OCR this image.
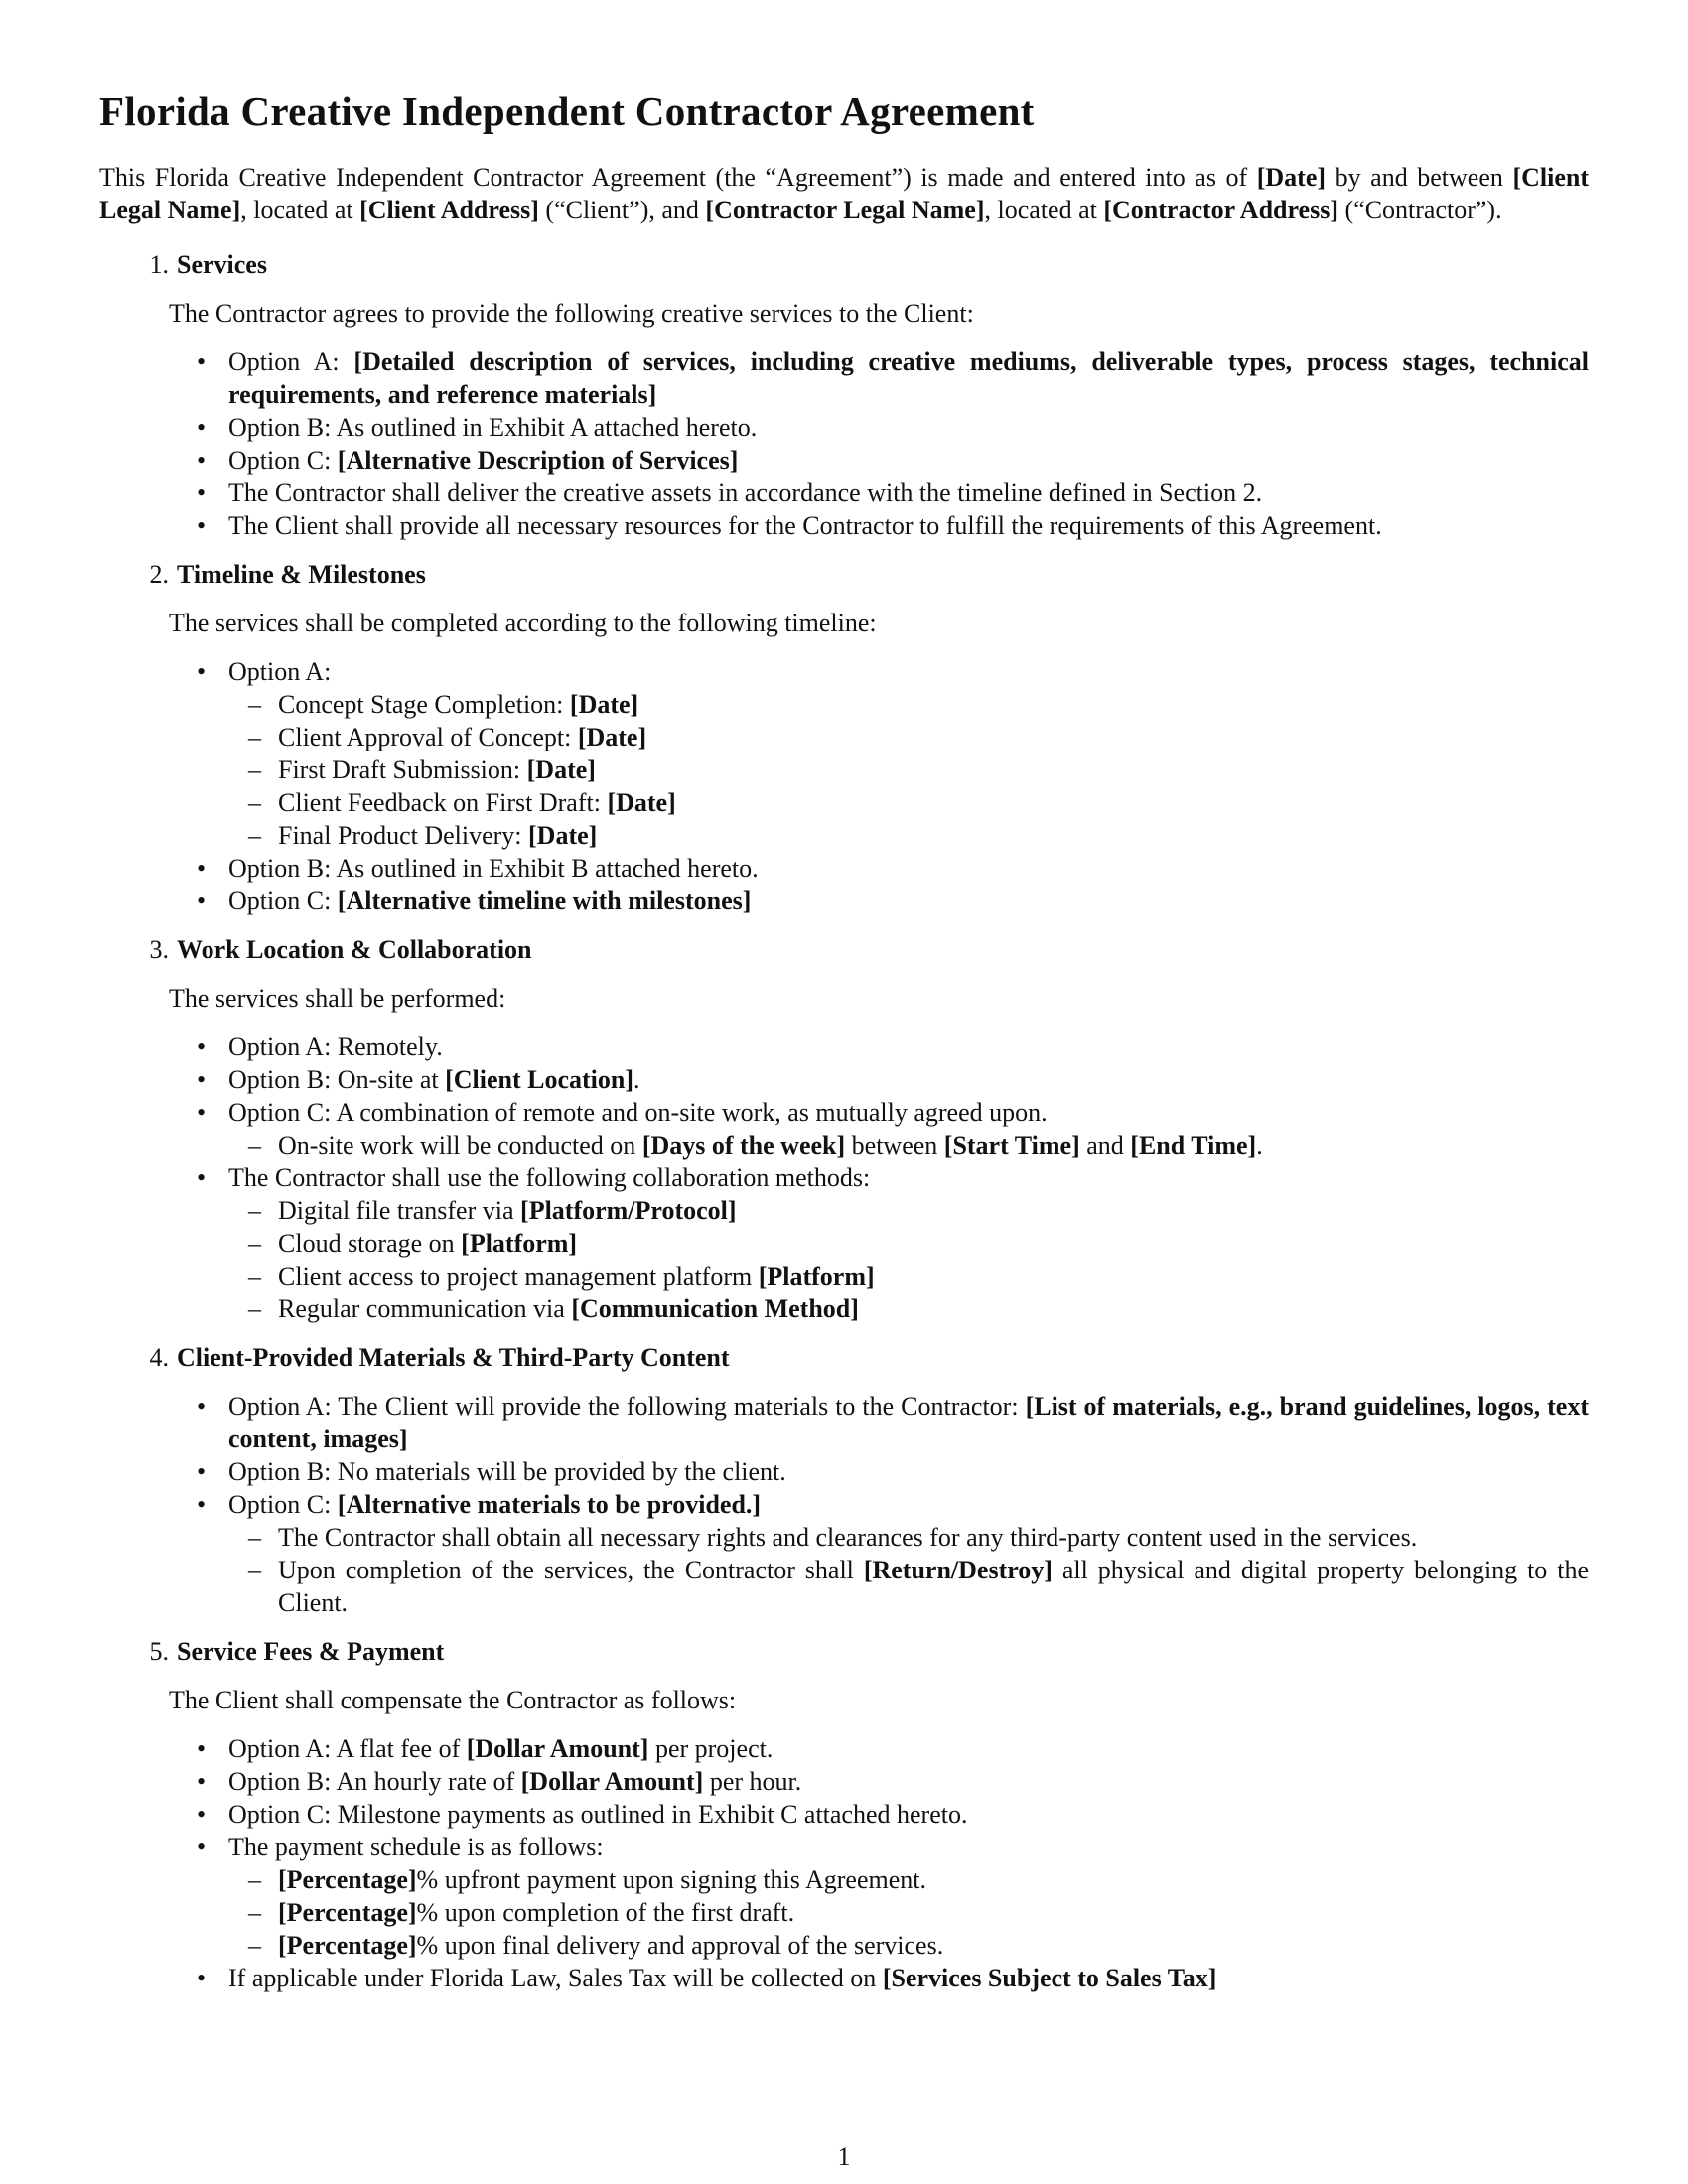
Florida Creative Independent Contractor Agreement

This Florida Creative Independent Contractor Agreement (the “Agreement”) is made and entered into as of [Date] by and between [Client Legal Name], located at [Client Address] (“Client”), and [Contractor Legal Name], located at [Contractor Address] (“Contractor”).

1. Services
The Contractor agrees to provide the following creative services to the Client:
• Option A: [Detailed description of services, including creative mediums, deliverable types, process stages, technical requirements, and reference materials]
• Option B: As outlined in Exhibit A attached hereto.
• Option C: [Alternative Description of Services]
• The Contractor shall deliver the creative assets in accordance with the timeline defined in Section 2.
• The Client shall provide all necessary resources for the Contractor to fulfill the requirements of this Agreement.
2. Timeline & Milestones
The services shall be completed according to the following timeline:
• Option A:
– Concept Stage Completion: [Date]
– Client Approval of Concept: [Date]
– First Draft Submission: [Date]
– Client Feedback on First Draft: [Date]
– Final Product Delivery: [Date]
• Option B: As outlined in Exhibit B attached hereto.
• Option C: [Alternative timeline with milestones]
3. Work Location & Collaboration
The services shall be performed:
• Option A: Remotely.
• Option B: On-site at [Client Location].
• Option C: A combination of remote and on-site work, as mutually agreed upon.
– On-site work will be conducted on [Days of the week] between [Start Time] and [End Time].
• The Contractor shall use the following collaboration methods:
– Digital file transfer via [Platform/Protocol]
– Cloud storage on [Platform]
– Client access to project management platform [Platform]
– Regular communication via [Communication Method]
4. Client-Provided Materials & Third-Party Content
• Option A: The Client will provide the following materials to the Contractor: [List of materials, e.g., brand guidelines, logos, text content, images]
• Option B: No materials will be provided by the client.
• Option C: [Alternative materials to be provided.]
– The Contractor shall obtain all necessary rights and clearances for any third-party content used in the services.
– Upon completion of the services, the Contractor shall [Return/Destroy] all physical and digital property belonging to the Client.
5. Service Fees & Payment
The Client shall compensate the Contractor as follows:
• Option A: A flat fee of [Dollar Amount] per project.
• Option B: An hourly rate of [Dollar Amount] per hour.
• Option C: Milestone payments as outlined in Exhibit C attached hereto.
• The payment schedule is as follows:
– [Percentage]% upfront payment upon signing this Agreement.
– [Percentage]% upon completion of the first draft.
– [Percentage]% upon final delivery and approval of the services.
• If applicable under Florida Law, Sales Tax will be collected on [Services Subject to Sales Tax]
1
